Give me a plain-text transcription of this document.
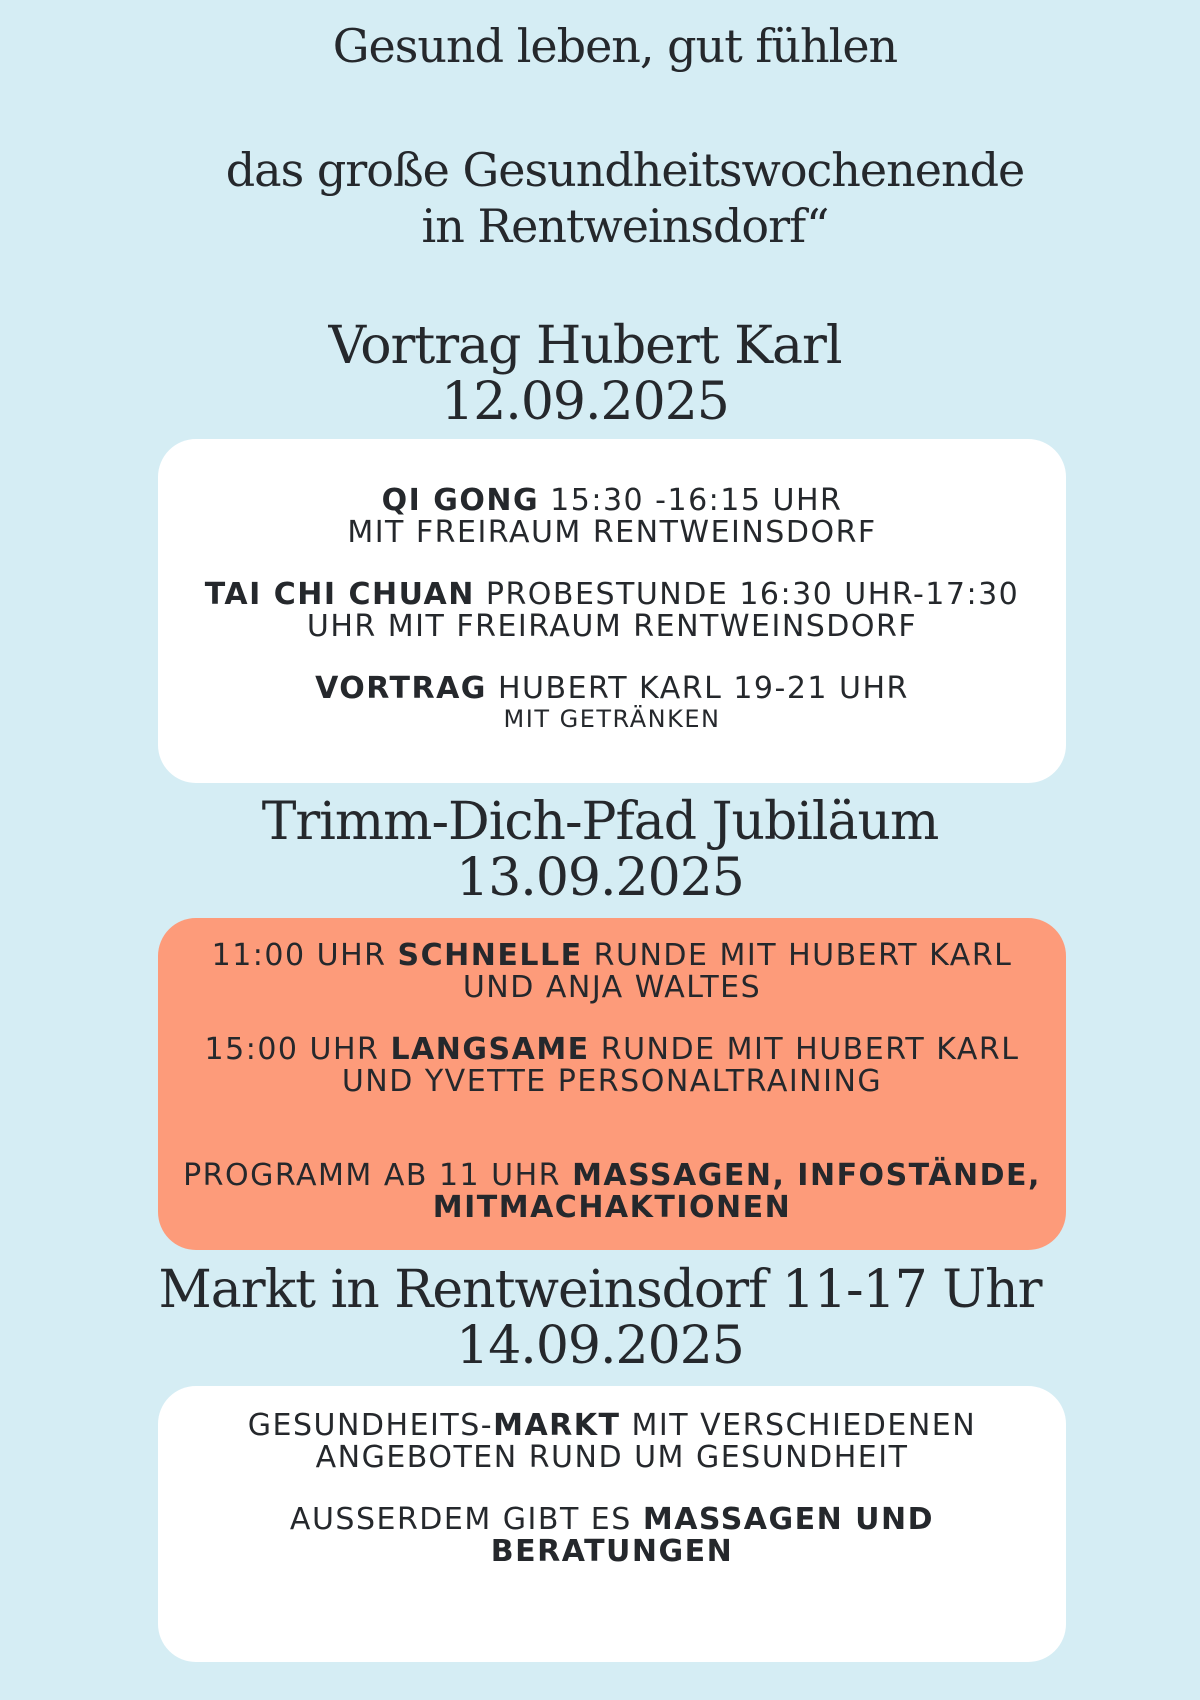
Gesund leben, gut fühlen
das große Gesundheitswochenende
in Rentweinsdorf“
Vortrag Hubert Karl
12.09.2025
QI GONG 15:30 -16:15 UHR
MIT FREIRAUM RENTWEINSDORF
TAI CHI CHUAN PROBESTUNDE 16:30 UHR-17:30
UHR MIT FREIRAUM RENTWEINSDORF
VORTRAG HUBERT KARL 19-21 UHR
MIT GETRÄNKEN
Trimm-Dich-Pfad Jubiläum
13.09.2025
11:00 UHR SCHNELLE RUNDE MIT HUBERT KARL
UND ANJA WALTES
15:00 UHR LANGSAME RUNDE MIT HUBERT KARL
UND YVETTE PERSONALTRAINING
PROGRAMM AB 11 UHR MASSAGEN, INFOSTÄNDE,
MITMACHAKTIONEN
Markt in Rentweinsdorf 11-17 Uhr
14.09.2025
GESUNDHEITS-MARKT MIT VERSCHIEDENEN
ANGEBOTEN RUND UM GESUNDHEIT
AUSSERDEM GIBT ES MASSAGEN UND
BERATUNGEN
